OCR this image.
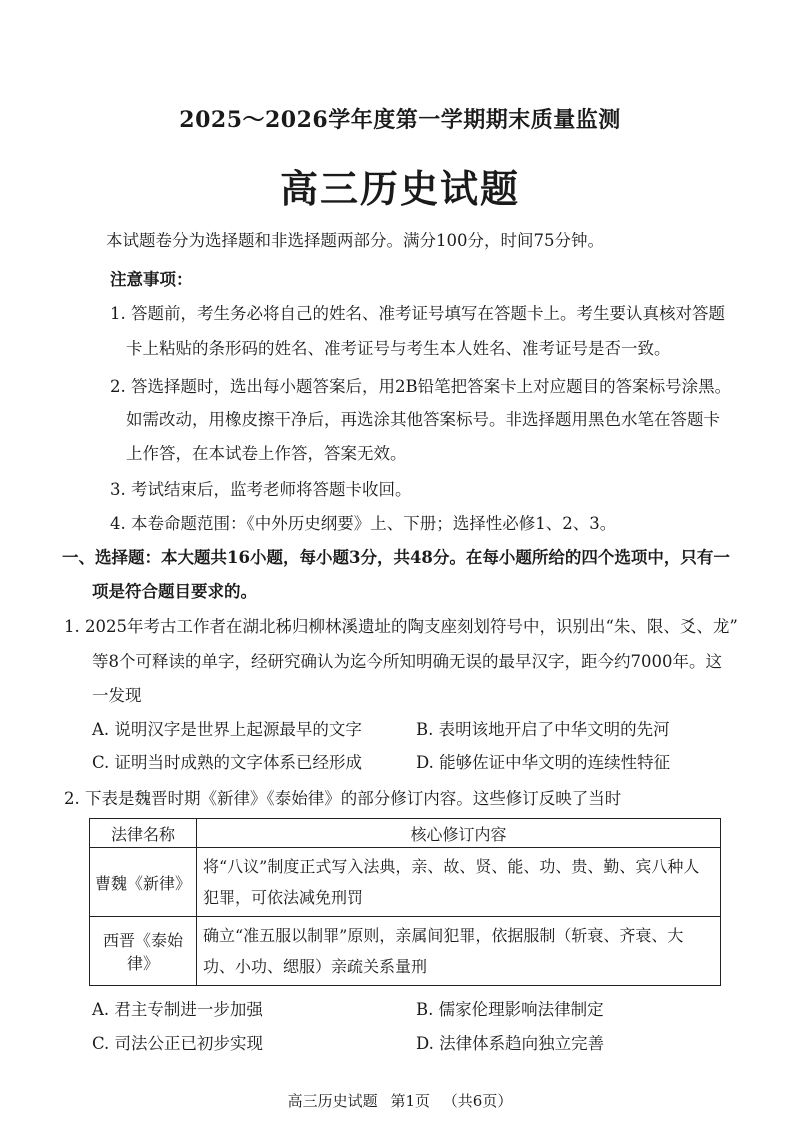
2025～2026学年度第一学期期末质量监测
高三历史试题
本试题卷分为选择题和非选择题两部分。满分100分，时间75分钟。
注意事项：
1. 答题前，考生务必将自己的姓名、准考证号填写在答题卡上。考生要认真核对答题
卡上粘贴的条形码的姓名、准考证号与考生本人姓名、准考证号是否一致。
2. 答选择题时，选出每小题答案后，用2B铅笔把答案卡上对应题目的答案标号涂黑。
如需改动，用橡皮擦干净后，再选涂其他答案标号。非选择题用黑色水笔在答题卡
上作答，在本试卷上作答，答案无效。
3. 考试结束后，监考老师将答题卡收回。
4. 本卷命题范围：《中外历史纲要》上、下册；选择性必修1、2、3。
一、选择题：本大题共16小题，每小题3分，共48分。在每小题所给的四个选项中，只有一
项是符合题目要求的。
1. 2025年考古工作者在湖北秭归柳林溪遗址的陶支座刻划符号中，识别出“朱、限、爻、龙”
等8个可释读的单字，经研究确认为迄今所知明确无误的最早汉字，距今约7000年。这
一发现
A. 说明汉字是世界上起源最早的文字	B. 表明该地开启了中华文明的先河
C. 证明当时成熟的文字体系已经形成	D. 能够佐证中华文明的连续性特征
2. 下表是魏晋时期《新律》《泰始律》的部分修订内容。这些修订反映了当时
法律名称	核心修订内容
曹魏《新律》	将“八议”制度正式写入法典，亲、故、贤、能、功、贵、勤、宾八种人犯罪，可依法减免刑罚
西晋《泰始律》	确立“准五服以制罪”原则，亲属间犯罪，依据服制（斩衰、齐衰、大功、小功、缌服）亲疏关系量刑
A. 君主专制进一步加强	B. 儒家伦理影响法律制定
C. 司法公正已初步实现	D. 法律体系趋向独立完善
高三历史试题 第1页 （共6页）
